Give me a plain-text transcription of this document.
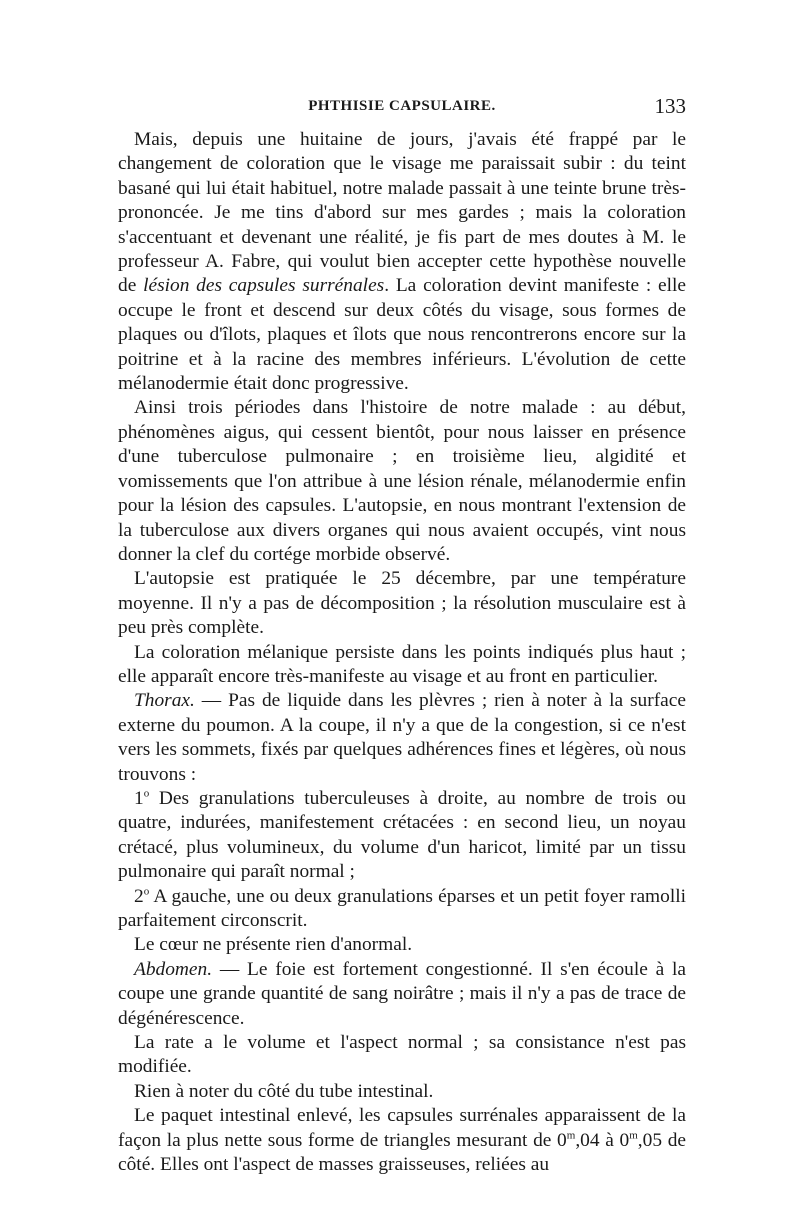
PHTHISIE CAPSULAIRE.	133

Mais, depuis une huitaine de jours, j'avais été frappé par le changement de coloration que le visage me paraissait subir : du teint basané qui lui était habituel, notre malade passait à une teinte brune très-prononcée. Je me tins d'abord sur mes gardes ; mais la coloration s'accentuant et devenant une réalité, je fis part de mes doutes à M. le professeur A. Fabre, qui voulut bien accepter cette hypothèse nouvelle de lésion des capsules surrénales. La coloration devint manifeste : elle occupe le front et descend sur deux côtés du visage, sous formes de plaques ou d'îlots, plaques et îlots que nous rencontrerons encore sur la poitrine et à la racine des membres inférieurs. L'évolution de cette mélanodermie était donc progressive.

Ainsi trois périodes dans l'histoire de notre malade : au début, phénomènes aigus, qui cessent bientôt, pour nous laisser en présence d'une tuberculose pulmonaire ; en troisième lieu, algidité et vomissements que l'on attribue à une lésion rénale, mélanodermie enfin pour la lésion des capsules. L'autopsie, en nous montrant l'extension de la tuberculose aux divers organes qui nous avaient occupés, vint nous donner la clef du cortége morbide observé.

L'autopsie est pratiquée le 25 décembre, par une température moyenne. Il n'y a pas de décomposition ; la résolution musculaire est à peu près complète.

La coloration mélanique persiste dans les points indiqués plus haut ; elle apparaît encore très-manifeste au visage et au front en particulier.

Thorax. — Pas de liquide dans les plèvres ; rien à noter à la surface externe du poumon. A la coupe, il n'y a que de la congestion, si ce n'est vers les sommets, fixés par quelques adhérences fines et légères, où nous trouvons :

1$^o$ Des granulations tuberculeuses à droite, au nombre de trois ou quatre, indurées, manifestement crétacées : en second lieu, un noyau crétacé, plus volumineux, du volume d'un haricot, limité par un tissu pulmonaire qui paraît normal ;

2$^o$ A gauche, une ou deux granulations éparses et un petit foyer ramolli parfaitement circonscrit.

Le cœur ne présente rien d'anormal.

Abdomen. — Le foie est fortement congestionné. Il s'en écoule à la coupe une grande quantité de sang noirâtre ; mais il n'y a pas de trace de dégénérescence.

La rate a le volume et l'aspect normal ; sa consistance n'est pas modifiée.

Rien à noter du côté du tube intestinal.

Le paquet intestinal enlevé, les capsules surrénales apparaissent de la façon la plus nette sous forme de triangles mesurant de 0$^m$,04 à 0$^m$,05 de côté. Elles ont l'aspect de masses graisseuses, reliées au
